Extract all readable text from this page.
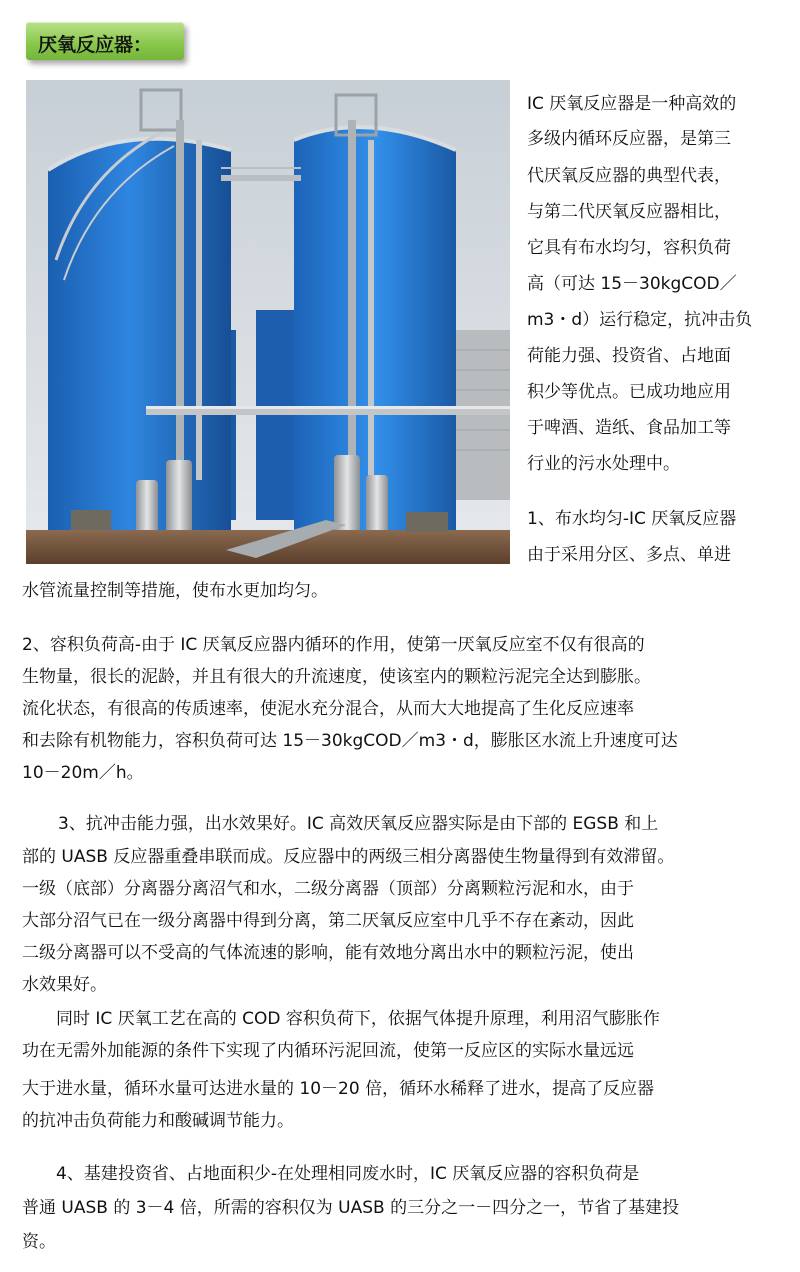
厌氧反应器：
IC 厌氧反应器是一种高效的
多级内循环反应器，是第三
代厌氧反应器的典型代表，
与第二代厌氧反应器相比，
它具有布水均匀，容积负荷
高（可达 15－30kgCOD／
m3・d）运行稳定，抗冲击负
荷能力强、投资省、占地面
积少等优点。已成功地应用
于啤酒、造纸、食品加工等
行业的污水处理中。
1、布水均匀-IC 厌氧反应器
由于采用分区、多点、单进
水管流量控制等措施，使布水更加均匀。
2、容积负荷高-由于 IC 厌氧反应器内循环的作用，使第一厌氧反应室不仅有很高的
生物量，很长的泥龄，并且有很大的升流速度，使该室内的颗粒污泥完全达到膨胀。
流化状态，有很高的传质速率，使泥水充分混合，从而大大地提高了生化反应速率
和去除有机物能力，容积负荷可达 15－30kgCOD／m3・d，膨胀区水流上升速度可达
10－20m／h。
3、抗冲击能力强，出水效果好。IC 高效厌氧反应器实际是由下部的 EGSB 和上
部的 UASB 反应器重叠串联而成。反应器中的两级三相分离器使生物量得到有效滞留。
一级（底部）分离器分离沼气和水，二级分离器（顶部）分离颗粒污泥和水，由于
大部分沼气已在一级分离器中得到分离，第二厌氧反应室中几乎不存在紊动，因此
二级分离器可以不受高的气体流速的影响，能有效地分离出水中的颗粒污泥，使出
水效果好。
同时 IC 厌氧工艺在高的 COD 容积负荷下，依据气体提升原理，利用沼气膨胀作
功在无需外加能源的条件下实现了内循环污泥回流，使第一反应区的实际水量远远
大于进水量，循环水量可达进水量的 10－20 倍，循环水稀释了进水，提高了反应器
的抗冲击负荷能力和酸碱调节能力。
4、基建投资省、占地面积少-在处理相同废水时，IC 厌氧反应器的容积负荷是
普通 UASB 的 3－4 倍，所需的容积仅为 UASB 的三分之一－四分之一，节省了基建投
资。
